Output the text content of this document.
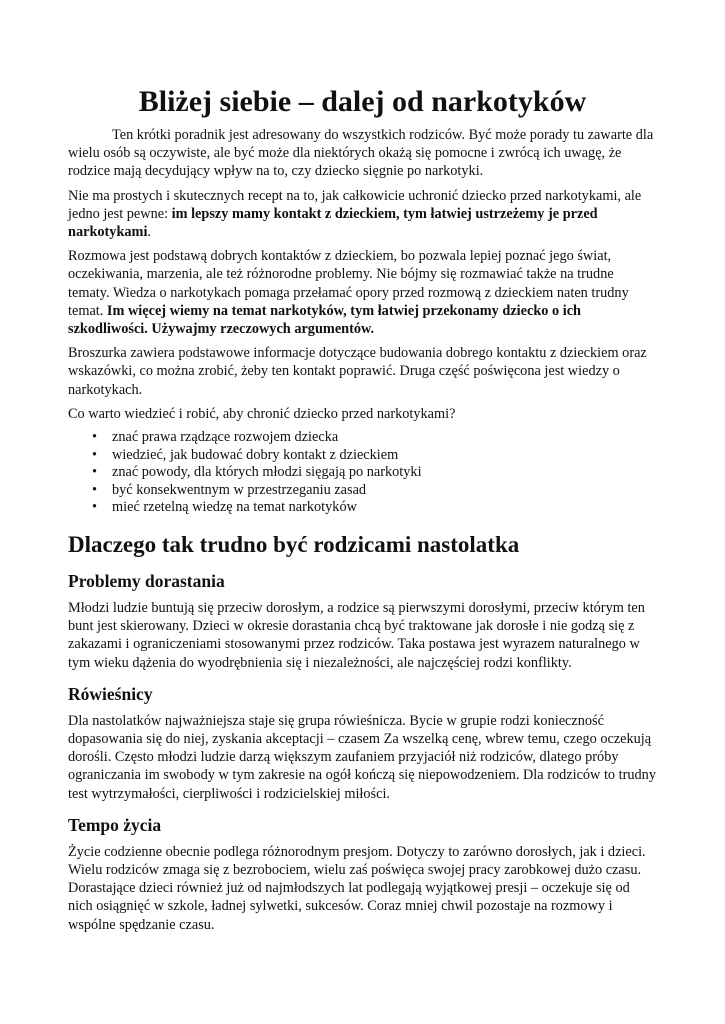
Bliżej siebie – dalej od narkotyków

Ten krótki poradnik jest adresowany do wszystkich rodziców. Być może porady tu zawarte dla wielu osób są oczywiste, ale być może dla niektórych okażą się pomocne i zwrócą ich uwagę, że rodzice mają decydujący wpływ na to, czy dziecko sięgnie po narkotyki.

Nie ma prostych i skutecznych recept na to, jak całkowicie uchronić dziecko przed narkotykami, ale jedno jest pewne: im lepszy mamy kontakt z dzieckiem, tym łatwiej ustrzeżemy je przed narkotykami.

Rozmowa jest podstawą dobrych kontaktów z dzieckiem, bo pozwala lepiej poznać jego świat, oczekiwania, marzenia, ale też różnorodne problemy. Nie bójmy się rozmawiać także na trudne tematy. Wiedza o narkotykach pomaga przełamać opory przed rozmową z dzieckiem naten trudny temat. Im więcej wiemy na temat narkotyków, tym łatwiej przekonamy dziecko o ich szkodliwości. Używajmy rzeczowych argumentów.

Broszurka zawiera podstawowe informacje dotyczące budowania dobrego kontaktu z dzieckiem oraz wskazówki, co można zrobić, żeby ten kontakt poprawić. Druga część poświęcona jest wiedzy o narkotykach.

Co warto wiedzieć i robić, aby chronić dziecko przed narkotykami?

• znać prawa rządzące rozwojem dziecka
• wiedzieć, jak budować dobry kontakt z dzieckiem
• znać powody, dla których młodzi sięgają po narkotyki
• być konsekwentnym w przestrzeganiu zasad
• mieć rzetelną wiedzę na temat narkotyków
Dlaczego tak trudno być rodzicami nastolatka
Problemy dorastania

Młodzi ludzie buntują się przeciw dorosłym, a rodzice są pierwszymi dorosłymi, przeciw którym ten bunt jest skierowany. Dzieci w okresie dorastania chcą być traktowane jak dorosłe i nie godzą się z zakazami i ograniczeniami stosowanymi przez rodziców. Taka postawa jest wyrazem naturalnego w tym wieku dążenia do wyodrębnienia się i niezależności, ale najczęściej rodzi konflikty.

Rówieśnicy

Dla nastolatków najważniejsza staje się grupa rówieśnicza. Bycie w grupie rodzi konieczność dopasowania się do niej, zyskania akceptacji – czasem Za wszelką cenę, wbrew temu, czego oczekują dorośli. Często młodzi ludzie darzą większym zaufaniem przyjaciół niż rodziców, dlatego próby ograniczania im swobody w tym zakresie na ogół kończą się niepowodzeniem. Dla rodziców to trudny test wytrzymałości, cierpliwości i rodzicielskiej miłości.

Tempo życia

Życie codzienne obecnie podlega różnorodnym presjom. Dotyczy to zarówno dorosłych, jak i dzieci. Wielu rodziców zmaga się z bezrobociem, wielu zaś poświęca swojej pracy zarobkowej dużo czasu. Dorastające dzieci również już od najmłodszych lat podlegają wyjątkowej presji – oczekuje się od nich osiągnięć w szkole, ładnej sylwetki, sukcesów. Coraz mniej chwil pozostaje na rozmowy i wspólne spędzanie czasu.
